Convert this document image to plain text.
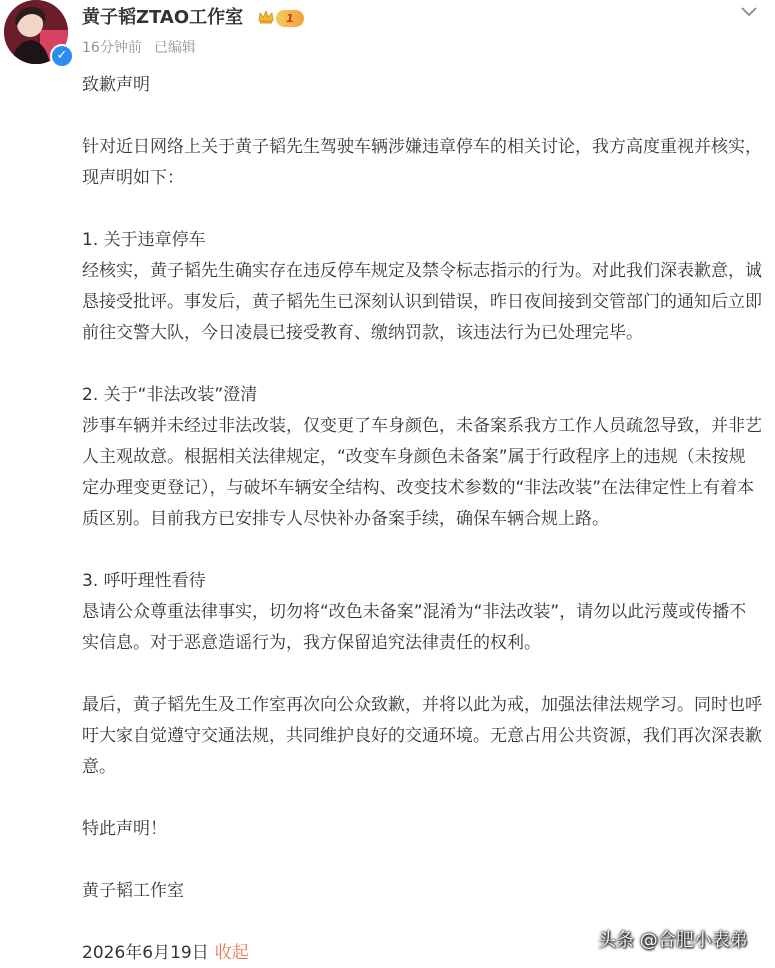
✓
黄子韬ZTAO工作室	1
16分钟前 已编辑

致歉声明

针对近日网络上关于黄子韬先生驾驶车辆涉嫌违章停车的相关讨论，我方高度重视并核实，现声明如下：

1. 关于违章停车

经核实，黄子韬先生确实存在违反停车规定及禁令标志指示的行为。对此我们深表歉意，诚恳接受批评。事发后，黄子韬先生已深刻认识到错误，昨日夜间接到交管部门的通知后立即前往交警大队，今日凌晨已接受教育、缴纳罚款，该违法行为已处理完毕。

2. 关于“非法改装”澄清

涉事车辆并未经过非法改装，仅变更了车身颜色，未备案系我方工作人员疏忽导致，并非艺人主观故意。根据相关法律规定，“改变车身颜色未备案”属于行政程序上的违规（未按规定办理变更登记），与破坏车辆安全结构、改变技术参数的“非法改装”在法律定性上有着本质区别。目前我方已安排专人尽快补办备案手续，确保车辆合规上路。

3. 呼吁理性看待

恳请公众尊重法律事实，切勿将“改色未备案”混淆为“非法改装”，请勿以此污蔑或传播不实信息。对于恶意造谣行为，我方保留追究法律责任的权利。

最后，黄子韬先生及工作室再次向公众致歉，并将以此为戒，加强法律法规学习。同时也呼吁大家自觉遵守交通法规，共同维护良好的交通环境。无意占用公共资源，我们再次深表歉意。

特此声明！

黄子韬工作室

2026年6月19日 收起
头条 @合肥小表弟
